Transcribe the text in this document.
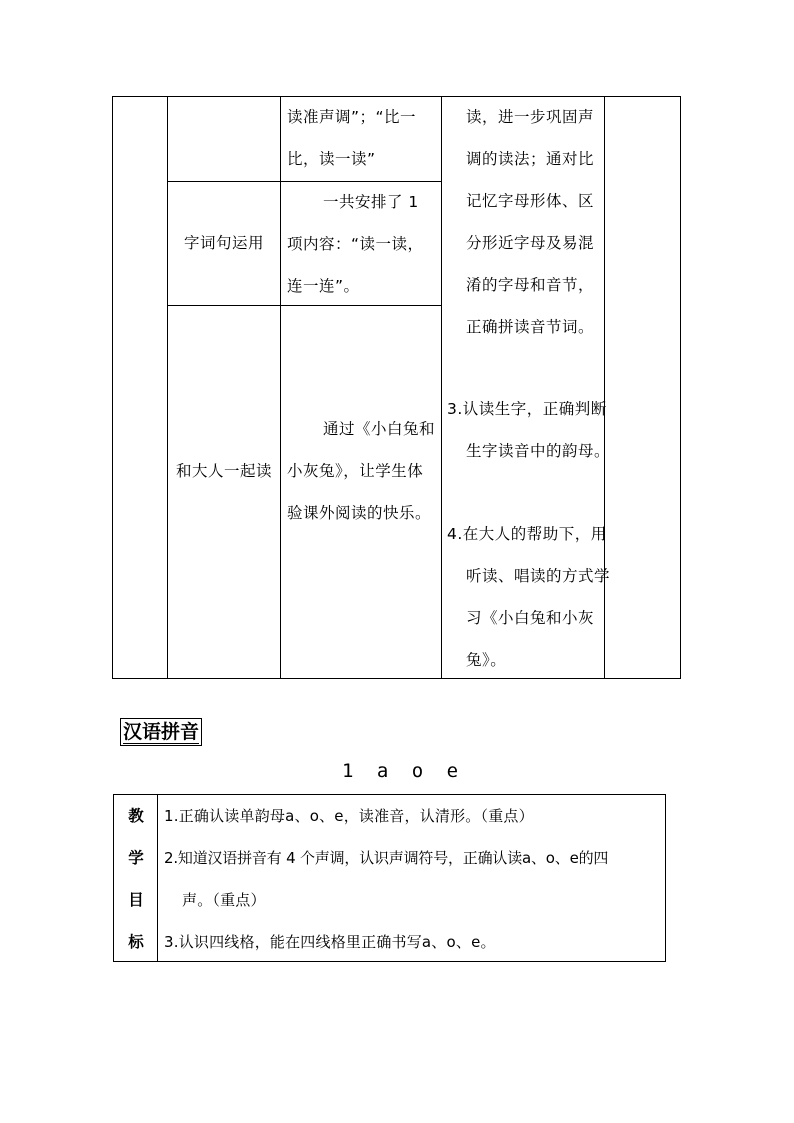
读准声调”；“比一比，读一读”
字词句运用
一共安排了 1 项内容：“读一读，连一连”。
和大人一起读
通过《小白兔和小灰兔》，让学生体验课外阅读的快乐。
读，进一步巩固声调的读法；通对比记忆字母形体、区分形近字母及易混淆的字母和音节，正确拼读音节词。
3.认读生字，正确判断生字读音中的韵母。
4.在大人的帮助下，用听读、唱读的方式学习《小白兔和小灰兔》。
汉语拼音
1 a o e
教
学
目
标
1.正确认读单韵母a、o、e，读准音，认清形。（重点）
2.知道汉语拼音有 4 个声调，认识声调符号，正确认读a、o、e的四
声。（重点）
3.认识四线格，能在四线格里正确书写a、o、e。
